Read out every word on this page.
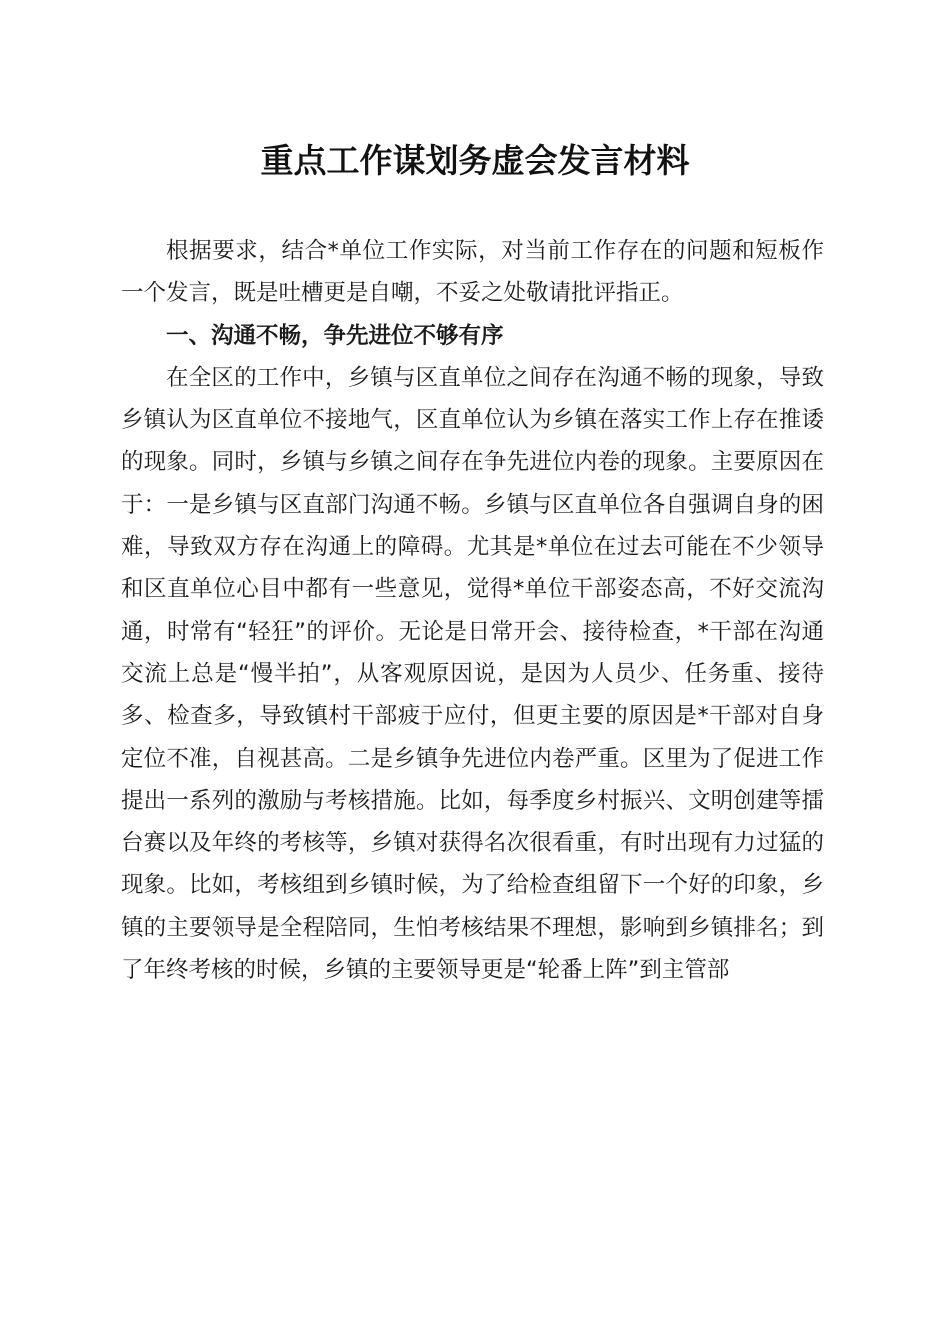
重点工作谋划务虚会发言材料

根据要求，结合*单位工作实际，对当前工作存在的问题和短板作一个发言，既是吐槽更是自嘲，不妥之处敬请批评指正。

一、沟通不畅，争先进位不够有序

在全区的工作中，乡镇与区直单位之间存在沟通不畅的现象，导致乡镇认为区直单位不接地气，区直单位认为乡镇在落实工作上存在推诿的现象。同时，乡镇与乡镇之间存在争先进位内卷的现象。主要原因在于：一是乡镇与区直部门沟通不畅。乡镇与区直单位各自强调自身的困难，导致双方存在沟通上的障碍。尤其是*单位在过去可能在不少领导和区直单位心目中都有一些意见，觉得*单位干部姿态高，不好交流沟通，时常有“轻狂”的评价。无论是日常开会、接待检查，*干部在沟通交流上总是“慢半拍”，从客观原因说，是因为人员少、任务重、接待多、检查多，导致镇村干部疲于应付，但更主要的原因是*干部对自身定位不准，自视甚高。二是乡镇争先进位内卷严重。区里为了促进工作提出一系列的激励与考核措施。比如，每季度乡村振兴、文明创建等擂台赛以及年终的考核等，乡镇对获得名次很看重，有时出现有力过猛的现象。比如，考核组到乡镇时候，为了给检查组留下一个好的印象，乡镇的主要领导是全程陪同，生怕考核结果不理想，影响到乡镇排名；到了年终考核的时候，乡镇的主要领导更是“轮番上阵”到主管部
